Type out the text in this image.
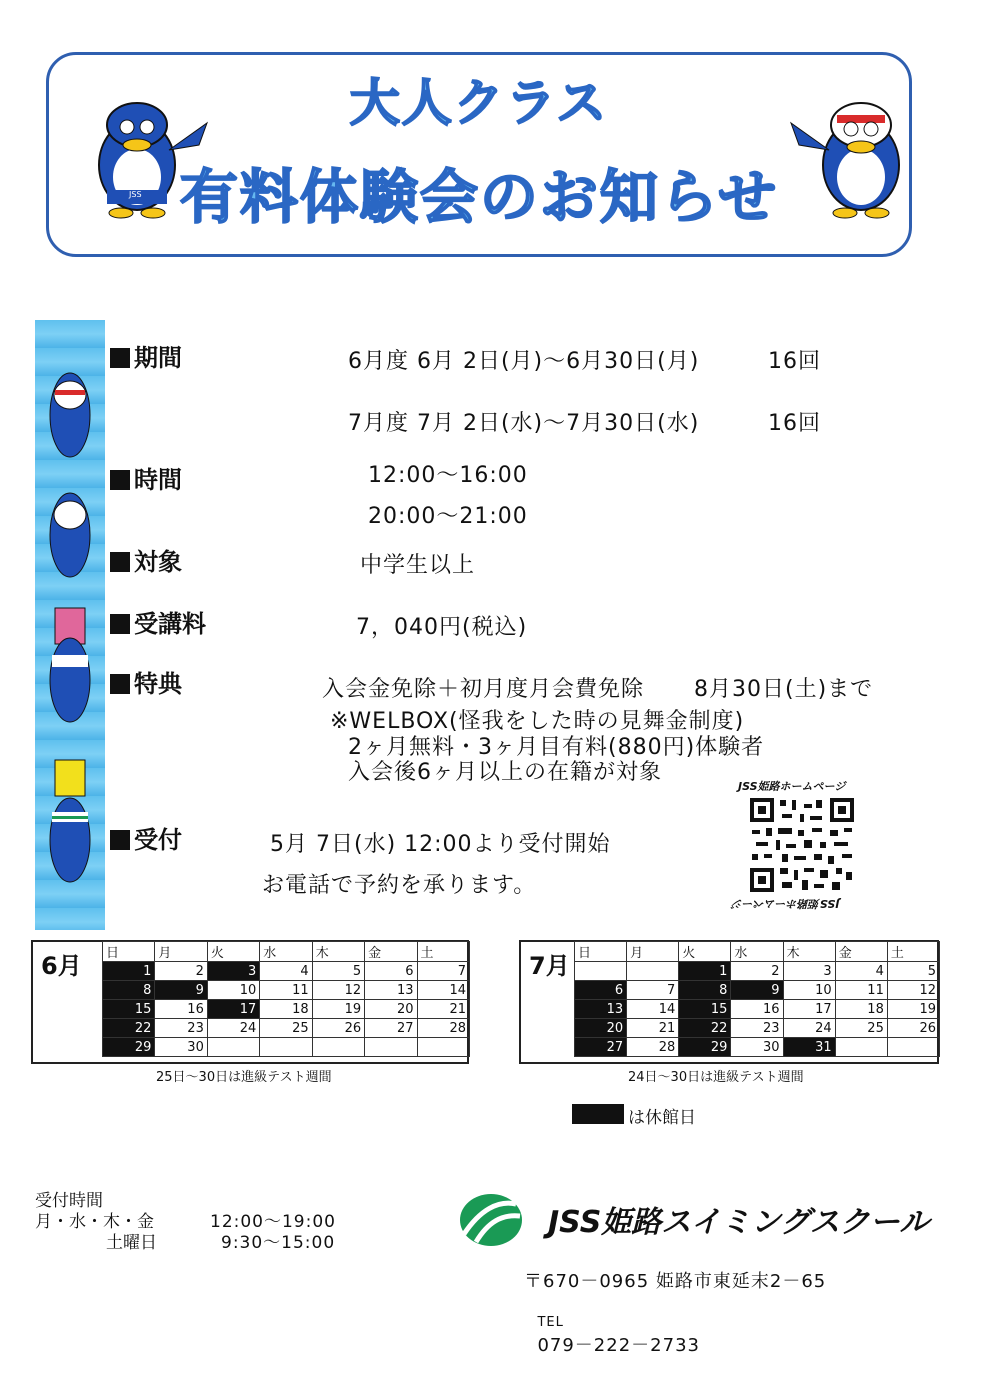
大人クラス
有料体験会のお知らせ
JSS
期間	6月度 6月 2日(月)～6月30日(月)	16回
7月度 7月 2日(水)～7月30日(水)	16回
時間	12:00～16:00
20:00～21:00
対象	中学生以上
受講料	7，040円(税込)
特典	入会金免除＋初月度月会費免除 8月30日(土)まで
※WELBOX(怪我をした時の見舞金制度)
2ヶ月無料・3ヶ月目有料(880円)体験者
入会後6ヶ月以上の在籍が対象
受付	5月 7日(水) 12:00より受付開始
お電話で予約を承ります。
JSS姫路ホームページ
JSS姫路ホームページ
6月 日	月	火	水	木	金	土
1	2	3	4	5	6	7
8	9	10	11	12	13	14
15	16	17	18	19	20	21
22	23	24	25	26	27	28
29	30					
25日～30日は進級テスト週間
7月 日	月	火	水	木	金	土
		1	2	3	4	5
6	7	8	9	10	11	12
13	14	15	16	17	18	19
20	21	22	23	24	25	26
27	28	29	30	31		
24日～30日は進級テスト週間
は休館日
受付時間
月・水・木・金	12:00～19:00
土曜日	9:30～15:00
JSS姫路スイミングスクール
〒670－0965 姫路市東延末2－65

TEL
079－222－2733
